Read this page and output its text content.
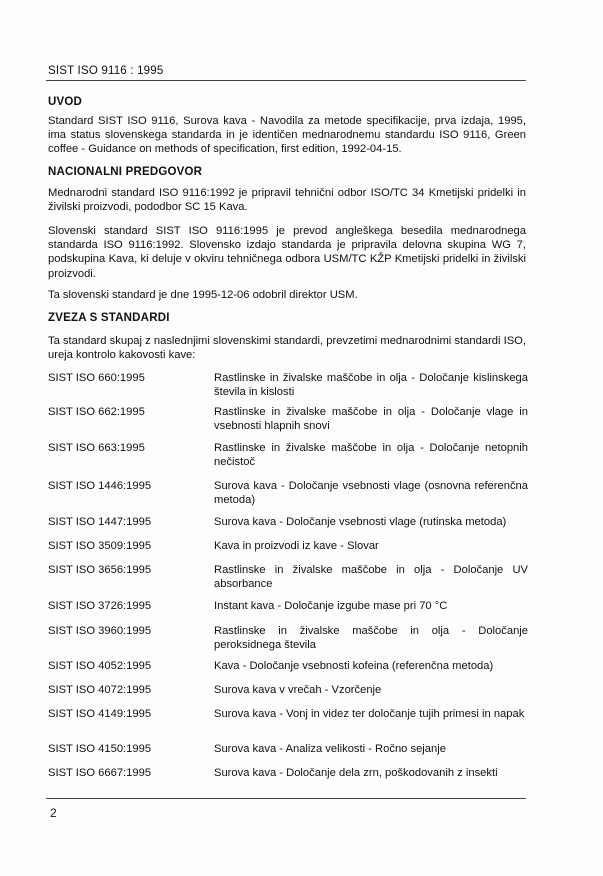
SIST ISO 9116 : 1995
UVOD
Standard SIST ISO 9116, Surova kava - Navodila za metode specifikacije, prva izdaja, 1995, ima status slovenskega standarda in je identičen mednarodnemu standardu ISO 9116, Green coffee - Guidance on methods of specification, first edition, 1992-04-15.
NACIONALNI PREDGOVOR
Mednarodni standard ISO 9116:1992 je pripravil tehnični odbor ISO/TC 34 Kmetijski pridelki in živilski proizvodi, pododbor SC 15 Kava.
Slovenski standard SIST ISO 9116:1995 je prevod angleškega besedila mednarodnega standarda ISO 9116:1992. Slovensko izdajo standarda je pripravila delovna skupina WG 7, podskupina Kava, ki deluje v okviru tehničnega odbora USM/TC KŽP Kmetijski pridelki in živilski proizvodi.
Ta slovenski standard je dne 1995-12-06 odobril direktor USM.
ZVEZA S STANDARDI
Ta standard skupaj z naslednjimi slovenskimi standardi, prevzetimi mednarodnimi standardi ISO, ureja kontrolo kakovosti kave:
SIST ISO 660:1995	Rastlinske in živalske maščobe in olja - Določanje kislinskega števila in kislosti
SIST ISO 662:1995	Rastlinske in živalske maščobe in olja - Določanje vlage in vsebnosti hlapnih snovi
SIST ISO 663:1995	Rastlinske in živalske maščobe in olja - Določanje netopnih nečistoč
SIST ISO 1446:1995	Surova kava - Določanje vsebnosti vlage (osnovna referenčna metoda)
SIST ISO 1447:1995	Surova kava - Določanje vsebnosti vlage (rutinska metoda)
SIST ISO 3509:1995	Kava in proizvodi iz kave - Slovar
SIST ISO 3656:1995	Rastlinske in živalske maščobe in olja - Določanje UV absorbance
SIST ISO 3726:1995	Instant kava - Določanje izgube mase pri 70 °C
SIST ISO 3960:1995	Rastlinske in živalske maščobe in olja - Določanje peroksidnega števila
SIST ISO 4052:1995	Kava - Določanje vsebnosti kofeina (referenčna metoda)
SIST ISO 4072:1995	Surova kava v vrečah - Vzorčenje
SIST ISO 4149:1995	Surova kava - Vonj in videz ter določanje tujih primesi in napak
SIST ISO 4150:1995	Surova kava - Analiza velikosti - Ročno sejanje
SIST ISO 6667:1995	Surova kava - Določanje dela zrn, poškodovanih z insekti
2
